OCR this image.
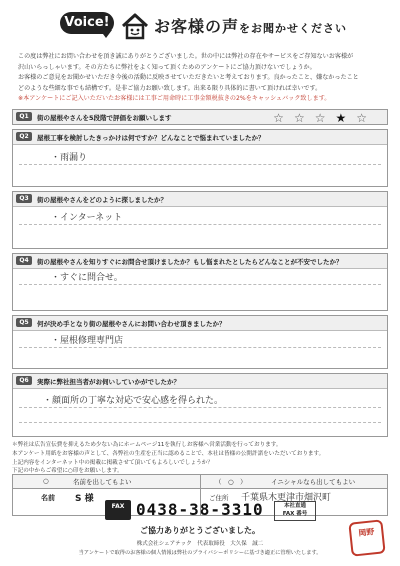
Voice!	お客様の声をお聞かせください

この度は弊社にお問い合わせを頂き誠にありがとうございました。世の中には弊社の存在やサービスをご存知ないお客様が

沢山いらっしゃいます。その方たちに弊社をよく知って頂くためのアンケートにご協力頂けないでしょうか。

お客様のご意見をお聞かせいただき今後の活動に反映させていただきたいと考えております。良かったこと、嫌なかったこと

どのような些細な事でも結構です。是非ご協力お願い致します。出来る限り具体的に書いて頂ければ幸いです。

※本アンケートにご記入いただいたお客様には工事ご用命時に工事金額税抜きの2%をキャッシュバック致します。

Q1	街の屋根やさんを5段階で評価をお願いします	☆☆☆★☆
Q2	屋根工事を検討したきっかけは何ですか？どんなことで悩まれていましたか？
・雨漏り
Q3	街の屋根やさんをどのように探しましたか？
・インターネット
Q4	街の屋根やさんを知りすぐにお問合せ頂けましたか？もし悩まれたとしたらどんなことが不安でしたか？
・すぐに問合せ。
Q5	何が決め手となり街の屋根やさんにお問い合わせ頂きましたか？
・屋根修理専門店
Q6	実際に弊社担当者がお伺いしていかがでしたか？
・顔面所の丁寧な対応で安心感を得られた。

＊弊社は広告宣伝費を抑えるため少ない為にホームページ11を執行しお客様へ営業活動を行っております。

本アンケート用紙をお客様の声として、各弊社の生産を正当に認めることで、本社は皆様の公開許諾をいただいております。

上記内容をインターネット中の掲載に掲載させて頂いてもよろしいでしょうか？

下記の中からご希望に○印をお願いします。

○	名前を出してもよい	（　○　）	イニシャルなら出してもよい
名前 S 様	ご住所 千葉県木更津市畑沢町
FAX 0438-38-3310	本社直通
FAX 番号
ご協力ありがとうございました。
株式会社シェアテック　代表取締役　大久保　誠二
当アンケートで取得のお客様の個人情報は弊社のプライバシーポリシーに基づき適正に管理いたします。
岡野
